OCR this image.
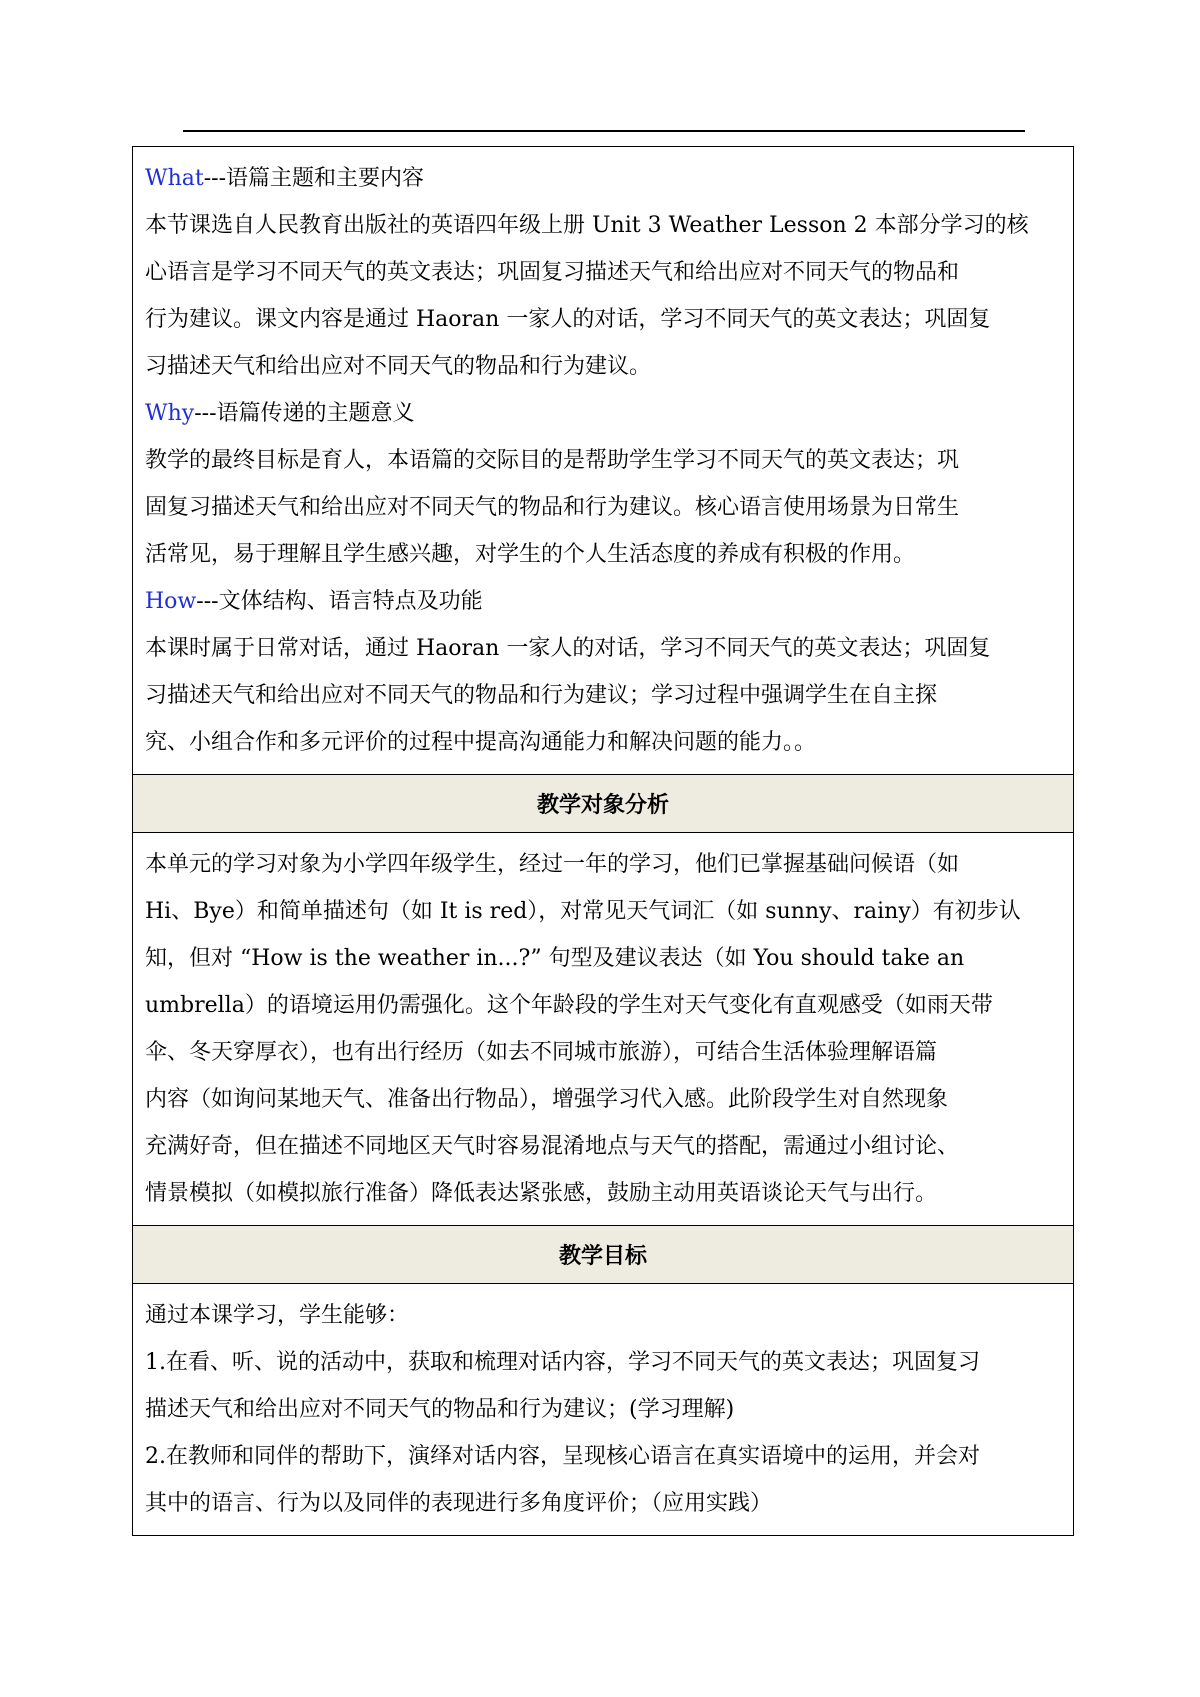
What---语篇主题和主要内容

本节课选自人民教育出版社的英语四年级上册 Unit 3 Weather Lesson 2 本部分学习的核

心语言是学习不同天气的英文表达；巩固复习描述天气和给出应对不同天气的物品和

行为建议。课文内容是通过 Haoran 一家人的对话，学习不同天气的英文表达；巩固复

习描述天气和给出应对不同天气的物品和行为建议。

Why---语篇传递的主题意义

教学的最终目标是育人，本语篇的交际目的是帮助学生学习不同天气的英文表达；巩

固复习描述天气和给出应对不同天气的物品和行为建议。核心语言使用场景为日常生

活常见，易于理解且学生感兴趣，对学生的个人生活态度的养成有积极的作用。

How---文体结构、语言特点及功能

本课时属于日常对话，通过 Haoran 一家人的对话，学习不同天气的英文表达；巩固复

习描述天气和给出应对不同天气的物品和行为建议；学习过程中强调学生在自主探

究、小组合作和多元评价的过程中提高沟通能力和解决问题的能力。。

教学对象分析

本单元的学习对象为小学四年级学生，经过一年的学习，他们已掌握基础问候语（如

Hi、Bye）和简单描述句（如 It is red），对常见天气词汇（如 sunny、rainy）有初步认

知，但对 “How is the weather in...?” 句型及建议表达（如 You should take an

umbrella）的语境运用仍需强化。这个年龄段的学生对天气变化有直观感受（如雨天带

伞、冬天穿厚衣），也有出行经历（如去不同城市旅游），可结合生活体验理解语篇

内容（如询问某地天气、准备出行物品），增强学习代入感。此阶段学生对自然现象

充满好奇，但在描述不同地区天气时容易混淆地点与天气的搭配，需通过小组讨论、

情景模拟（如模拟旅行准备）降低表达紧张感，鼓励主动用英语谈论天气与出行。

教学目标

通过本课学习，学生能够：

1.在看、听、说的活动中，获取和梳理对话内容，学习不同天气的英文表达；巩固复习

描述天气和给出应对不同天气的物品和行为建议；(学习理解)

2.在教师和同伴的帮助下，演绎对话内容，呈现核心语言在真实语境中的运用，并会对

其中的语言、行为以及同伴的表现进行多角度评价；（应用实践）
